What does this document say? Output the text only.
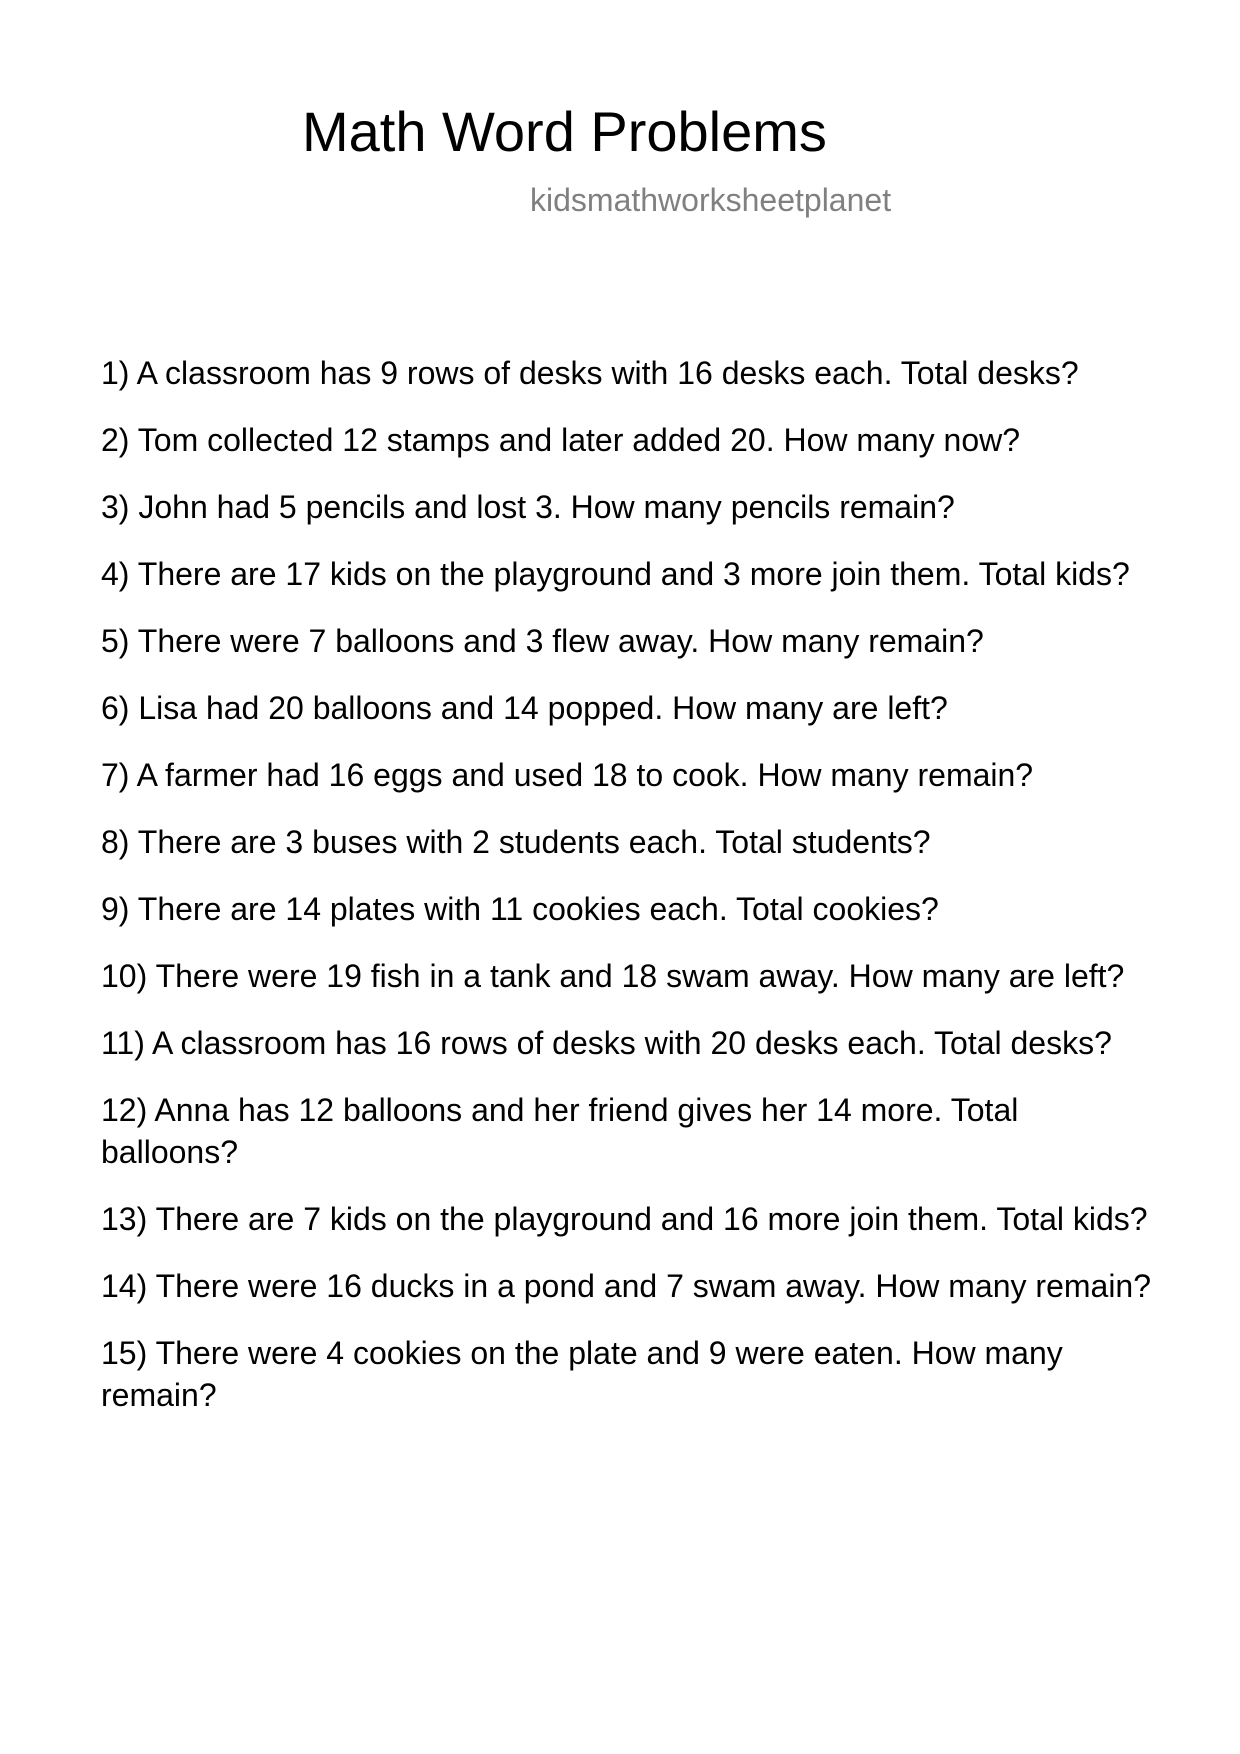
Math Word Problems
kidsmathworksheetplanet
1) A classroom has 9 rows of desks with 16 desks each. Total desks?
2) Tom collected 12 stamps and later added 20. How many now?
3) John had 5 pencils and lost 3. How many pencils remain?
4) There are 17 kids on the playground and 3 more join them. Total kids?
5) There were 7 balloons and 3 flew away. How many remain?
6) Lisa had 20 balloons and 14 popped. How many are left?
7) A farmer had 16 eggs and used 18 to cook. How many remain?
8) There are 3 buses with 2 students each. Total students?
9) There are 14 plates with 11 cookies each. Total cookies?
10) There were 19 fish in a tank and 18 swam away. How many are left?
11) A classroom has 16 rows of desks with 20 desks each. Total desks?
12) Anna has 12 balloons and her friend gives her 14 more. Total balloons?
13) There are 7 kids on the playground and 16 more join them. Total kids?
14) There were 16 ducks in a pond and 7 swam away. How many remain?
15) There were 4 cookies on the plate and 9 were eaten. How many remain?
